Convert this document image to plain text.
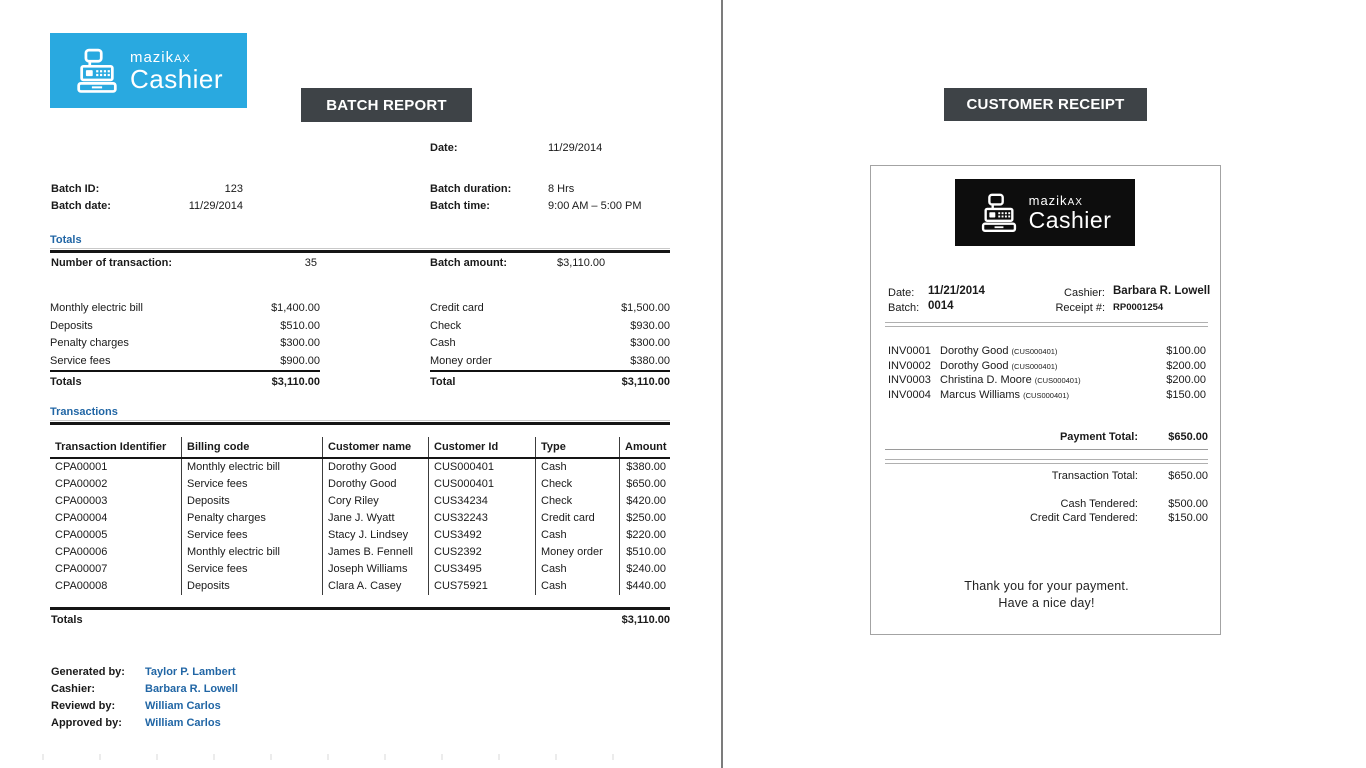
mazikAX
Cashier
BATCH REPORT
Date:	11/29/2014
Batch ID:	123
Batch date:	11/29/2014
Batch duration:	8 Hrs
Batch time:	9:00 AM – 5:00 PM
Totals
Number of transaction:	35	Batch amount:	$3,110.00
Monthly electric bill	$1,400.00
Deposits	$510.00
Penalty charges	$300.00
Service fees	$900.00
Totals	$3,110.00
Credit card	$1,500.00
Check	$930.00
Cash	$300.00
Money order	$380.00
Total	$3,110.00
Transactions
Transaction Identifier	Billing code	Customer name	Customer Id	Type	Amount
CPA00001	Monthly electric bill	Dorothy Good	CUS000401	Cash	$380.00
CPA00002	Service fees	Dorothy Good	CUS000401	Check	$650.00
CPA00003	Deposits	Cory Riley	CUS34234	Check	$420.00
CPA00004	Penalty charges	Jane J. Wyatt	CUS32243	Credit card	$250.00
CPA00005	Service fees	Stacy J. Lindsey	CUS3492	Cash	$220.00
CPA00006	Monthly electric bill	James B. Fennell	CUS2392	Money order	$510.00
CPA00007	Service fees	Joseph Williams	CUS3495	Cash	$240.00
CPA00008	Deposits	Clara A. Casey	CUS75921	Cash	$440.00
Totals	$3,110.00
Generated by:	Taylor P. Lambert
Cashier:	Barbara R. Lowell
Reviewd by:	William Carlos
Approved by:	William Carlos
CUSTOMER RECEIPT
mazikAX
Cashier
Date: 11/21/2014	Cashier: Barbara R. Lowell
Batch: 0014	Receipt #: RP0001254
INV0001 Dorothy Good (CUS000401)	$100.00
INV0002 Dorothy Good (CUS000401)	$200.00
INV0003 Christina D. Moore (CUS000401)	$200.00
INV0004 Marcus Williams (CUS000401)	$150.00
Payment Total:	$650.00
Transaction Total:	$650.00
Cash Tendered:	$500.00
Credit Card Tendered:	$150.00
Thank you for your payment.
Have a nice day!
